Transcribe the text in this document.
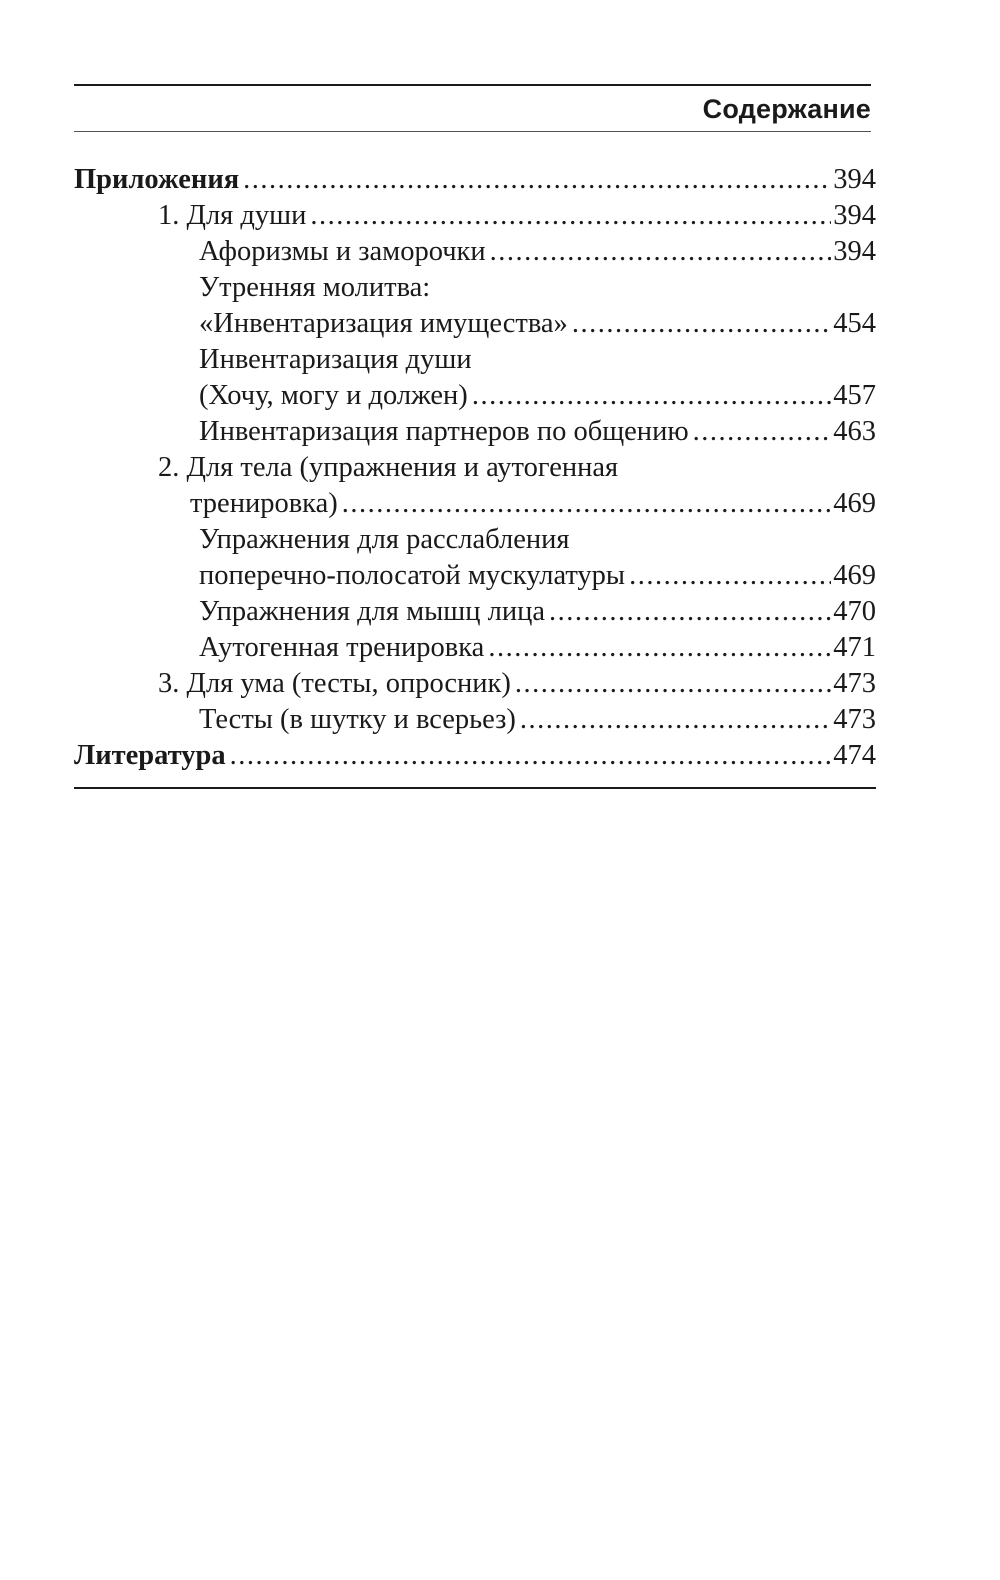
Содержание
Приложения .....	394
1. Для души .....	394
Афоризмы и заморочки .....	394
Утренняя молитва:
«Инвентаризация имущества» .....	454
Инвентаризация души
(Хочу, могу и должен) .....	457
Инвентаризация партнеров по общению .....	463
2. Для тела (упражнения и аутогенная
тренировка) .....	469
Упражнения для расслабления
поперечно-полосатой мускулатуры .....	469
Упражнения для мышц лица .....	470
Аутогенная тренировка .....	471
3. Для ума (тесты, опросник) .....	473
Тесты (в шутку и всерьез) .....	473
Литература .....	474
